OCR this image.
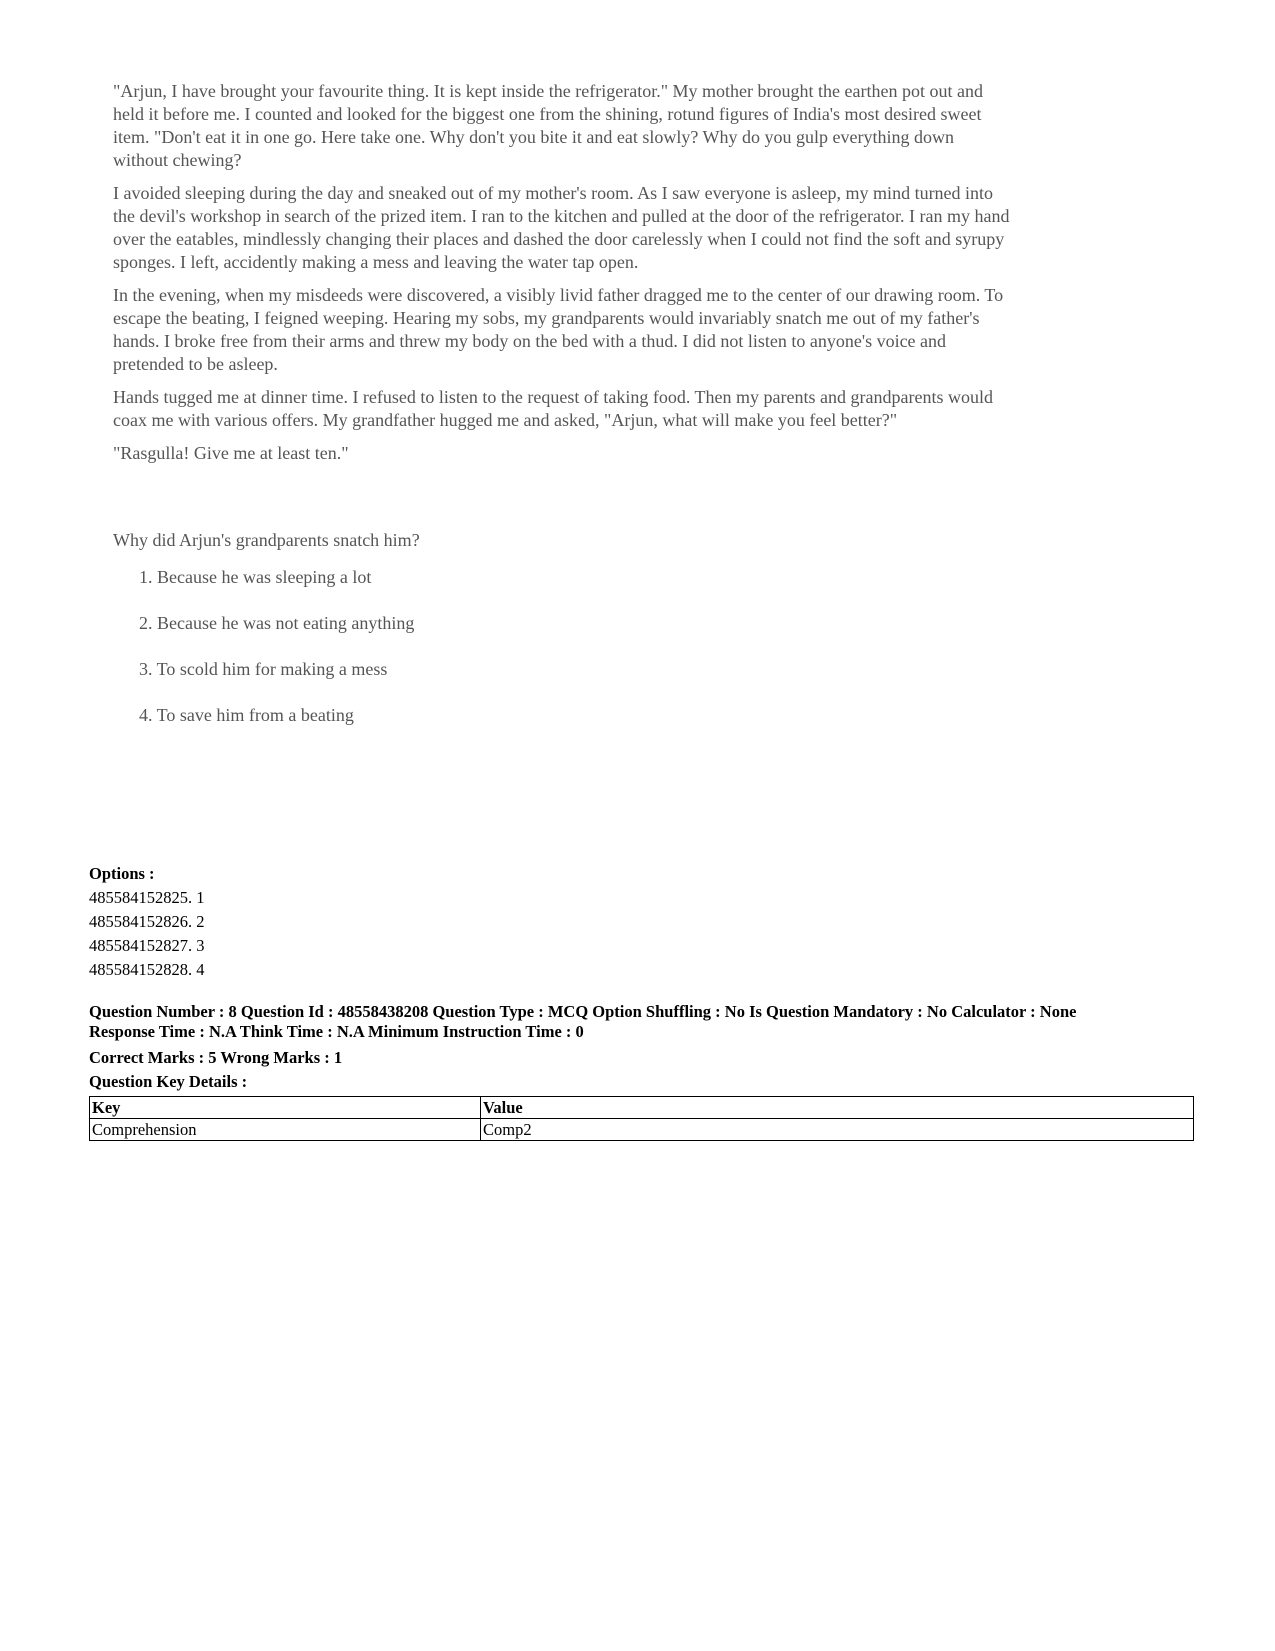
"Arjun, I have brought your favourite thing. It is kept inside the refrigerator." My mother brought the earthen pot out and held it before me. I counted and looked for the biggest one from the shining, rotund figures of India's most desired sweet item. "Don't eat it in one go. Here take one. Why don't you bite it and eat slowly? Why do you gulp everything down without chewing?

I avoided sleeping during the day and sneaked out of my mother's room. As I saw everyone is asleep, my mind turned into the devil's workshop in search of the prized item. I ran to the kitchen and pulled at the door of the refrigerator. I ran my hand over the eatables, mindlessly changing their places and dashed the door carelessly when I could not find the soft and syrupy sponges. I left, accidently making a mess and leaving the water tap open.

In the evening, when my misdeeds were discovered, a visibly livid father dragged me to the center of our drawing room. To escape the beating, I feigned weeping. Hearing my sobs, my grandparents would invariably snatch me out of my father's hands. I broke free from their arms and threw my body on the bed with a thud. I did not listen to anyone's voice and pretended to be asleep.

Hands tugged me at dinner time. I refused to listen to the request of taking food. Then my parents and grandparents would coax me with various offers. My grandfather hugged me and asked, "Arjun, what will make you feel better?"

"Rasgulla! Give me at least ten."

Why did Arjun's grandparents snatch him?

1. Because he was sleeping a lot
2. Because he was not eating anything
3. To scold him for making a mess
4. To save him from a beating
Options :
485584152825. 1
485584152826. 2
485584152827. 3
485584152828. 4
Question Number : 8 Question Id : 48558438208 Question Type : MCQ Option Shuffling : No Is Question Mandatory : No Calculator : None
Response Time : N.A Think Time : N.A Minimum Instruction Time : 0
Correct Marks : 5 Wrong Marks : 1
Question Key Details :
Key	Value
Comprehension	Comp2
